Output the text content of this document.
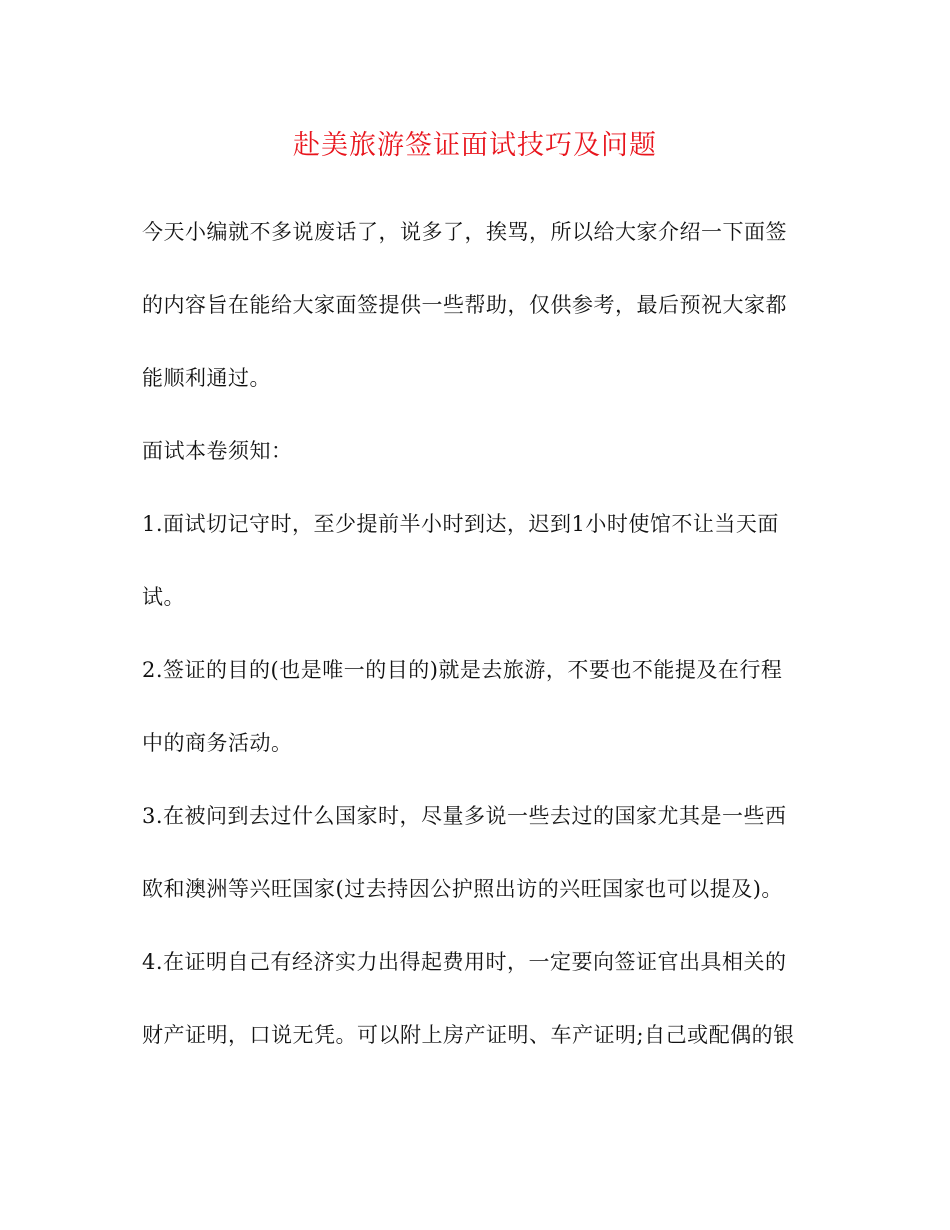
赴美旅游签证面试技巧及问题
今天小编就不多说废话了，说多了，挨骂，所以给大家介绍一下面签
的内容旨在能给大家面签提供一些帮助，仅供参考，最后预祝大家都
能顺利通过。
面试本卷须知：
1.面试切记守时，至少提前半小时到达，迟到1小时使馆不让当天面
试。
2.签证的目的(也是唯一的目的)就是去旅游，不要也不能提及在行程
中的商务活动。
3.在被问到去过什么国家时，尽量多说一些去过的国家尤其是一些西
欧和澳洲等兴旺国家(过去持因公护照出访的兴旺国家也可以提及)。
4.在证明自己有经济实力出得起费用时，一定要向签证官出具相关的
财产证明，口说无凭。可以附上房产证明、车产证明;自己或配偶的银
